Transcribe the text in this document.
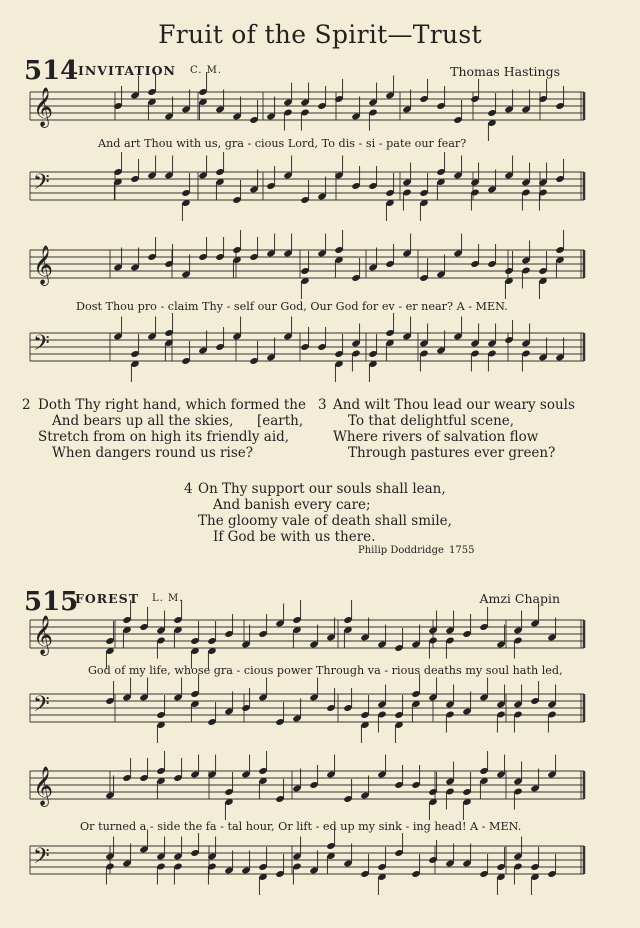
Fruit of the Spirit—Trust
514 INVITATION C. M.	Thomas Hastings
𝄞
𝄢
𝄞
𝄢
𝄞
𝄢
𝄞
𝄢
And art Thou with us, gra - cious Lord, To dis - si - pate our fear?
Dost Thou pro - claim Thy - self our God, Our God for ev - er near? A - MEN.
2 Doth Thy right hand, which formed the
And bears up all the skies, [earth,
Stretch from on high its friendly aid,
When dangers round us rise?
3 And wilt Thou lead our weary souls
To that delightful scene,
Where rivers of salvation flow
Through pastures ever green?
4 On Thy support our souls shall lean,
And banish every care;
The gloomy vale of death shall smile,
If God be with us there.
Philip Doddridge 1755
515
FOREST L. M.	Amzi Chapin
God of my life, whose gra - cious power Through va - rious deaths my soul hath led,
Or turned a - side the fa - tal hour, Or lift - ed up my sink - ing head! A - MEN.
